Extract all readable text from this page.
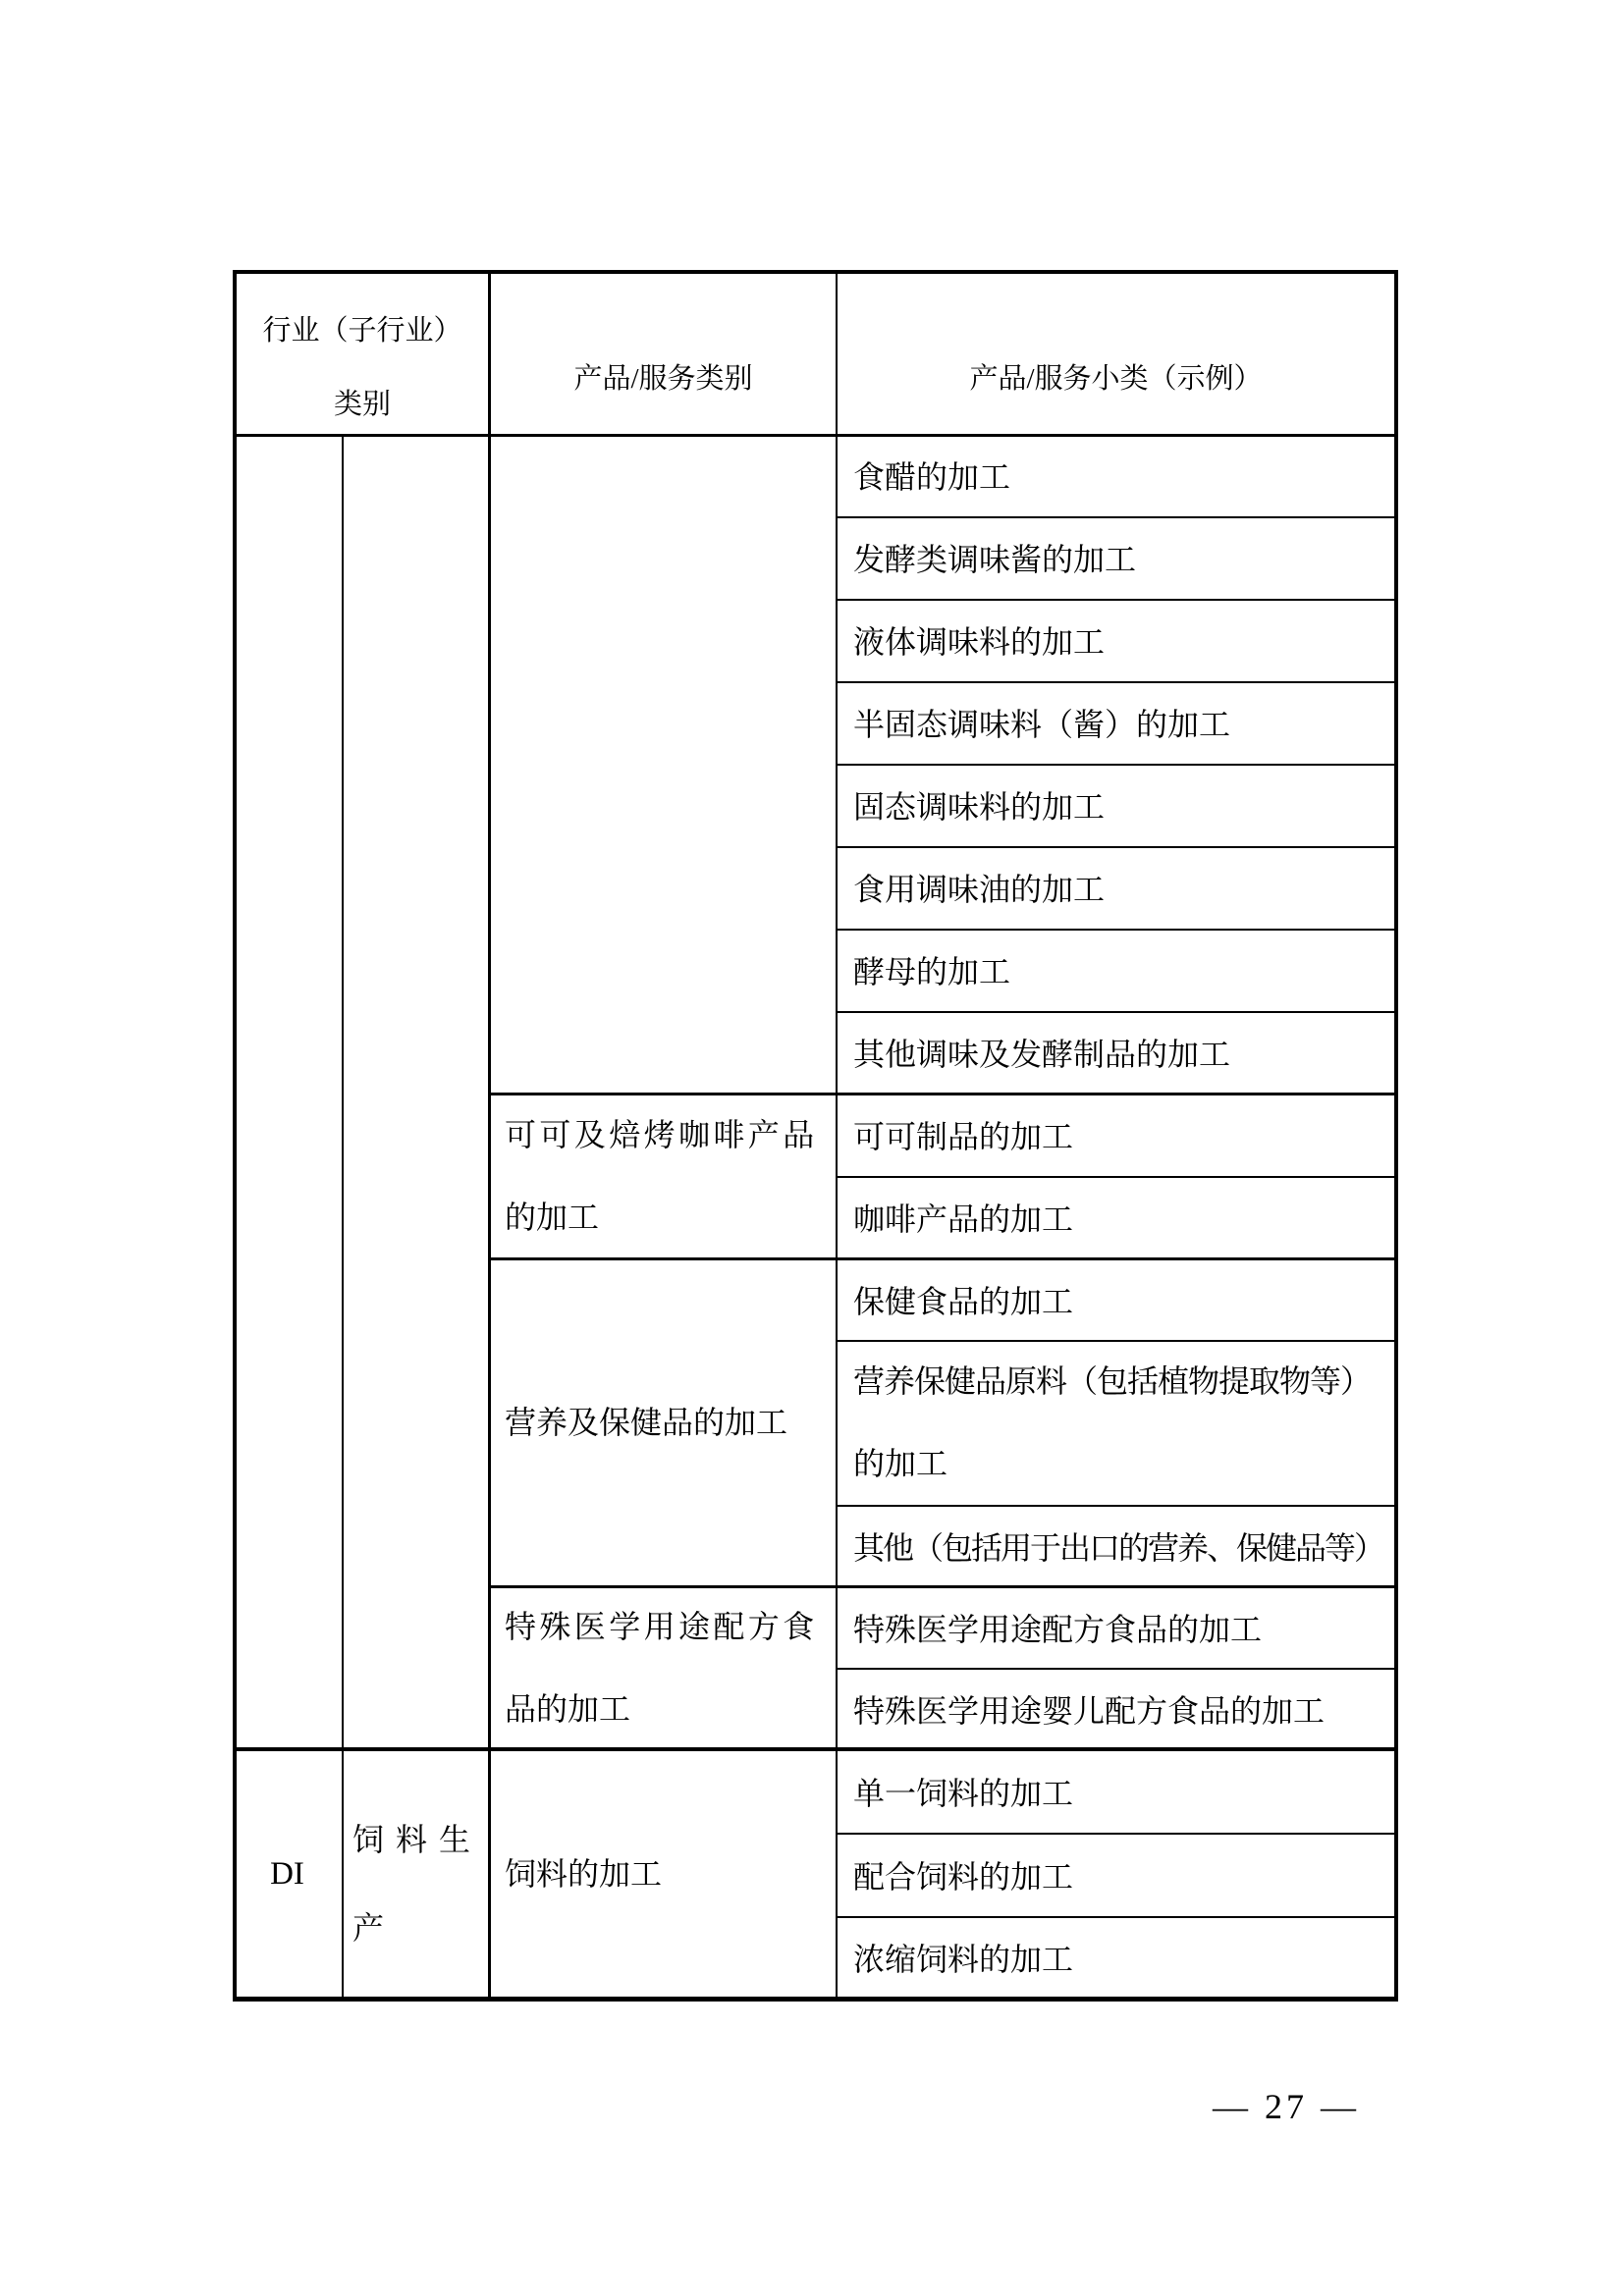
行业（子行业）
类别
产品/服务类别	产品/服务小类（示例）
可可及焙烤咖啡产品
的加工
营养及保健品的加工
特殊医学用途配方食
品的加工
饲料的加工
DI
饲料生
产
食醋的加工
发酵类调味酱的加工
液体调味料的加工
半固态调味料（酱）的加工
固态调味料的加工
食用调味油的加工
酵母的加工
其他调味及发酵制品的加工
可可制品的加工
咖啡产品的加工
保健食品的加工
营养保健品原料（包括植物提取物等）
的加工
其他（包括用于出口的营养、保健品等）
特殊医学用途配方食品的加工
特殊医学用途婴儿配方食品的加工
单一饲料的加工
配合饲料的加工
浓缩饲料的加工
— 27 —
